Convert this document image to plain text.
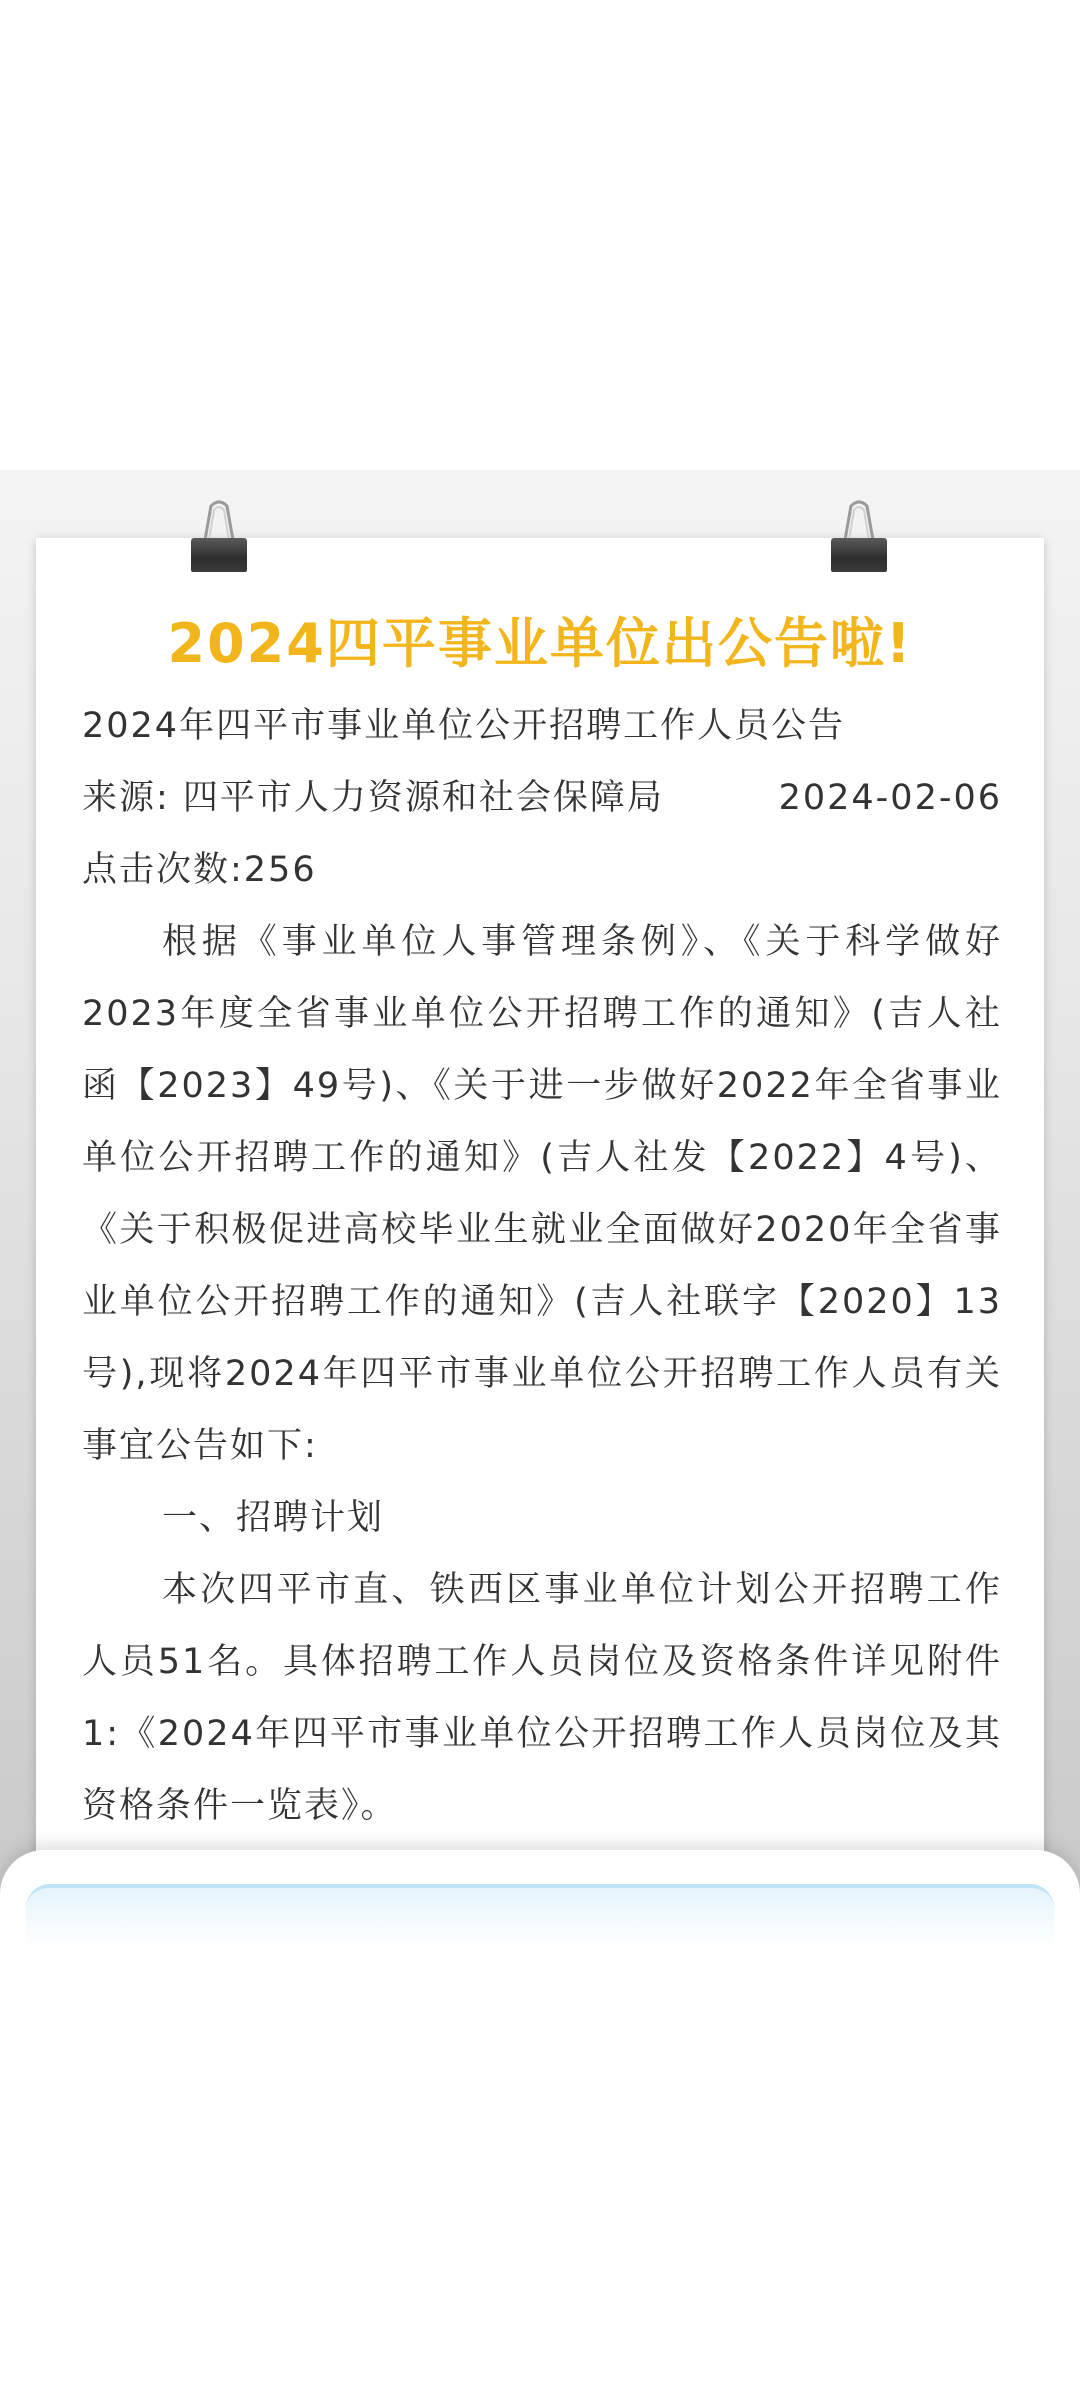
2024四平事业单位出公告啦!
2024年四平市事业单位公开招聘工作人员公告
来源: 四平市人力资源和社会保障局	2024-02-06
点击次数:256
根据《事业单位人事管理条例》、《关于科学做好2023年度全省事业单位公开招聘工作的通知》(吉人社函【2023】49号)、《关于进一步做好2022年全省事业单位公开招聘工作的通知》(吉人社发【2022】4号)、《关于积极促进高校毕业生就业全面做好2020年全省事业单位公开招聘工作的通知》(吉人社联字【2020】13号),现将2024年四平市事业单位公开招聘工作人员有关事宜公告如下:
一、招聘计划
本次四平市直、铁西区事业单位计划公开招聘工作人员51名。具体招聘工作人员岗位及资格条件详见附件1:《2024年四平市事业单位公开招聘工作人员岗位及其资格条件一览表》。
